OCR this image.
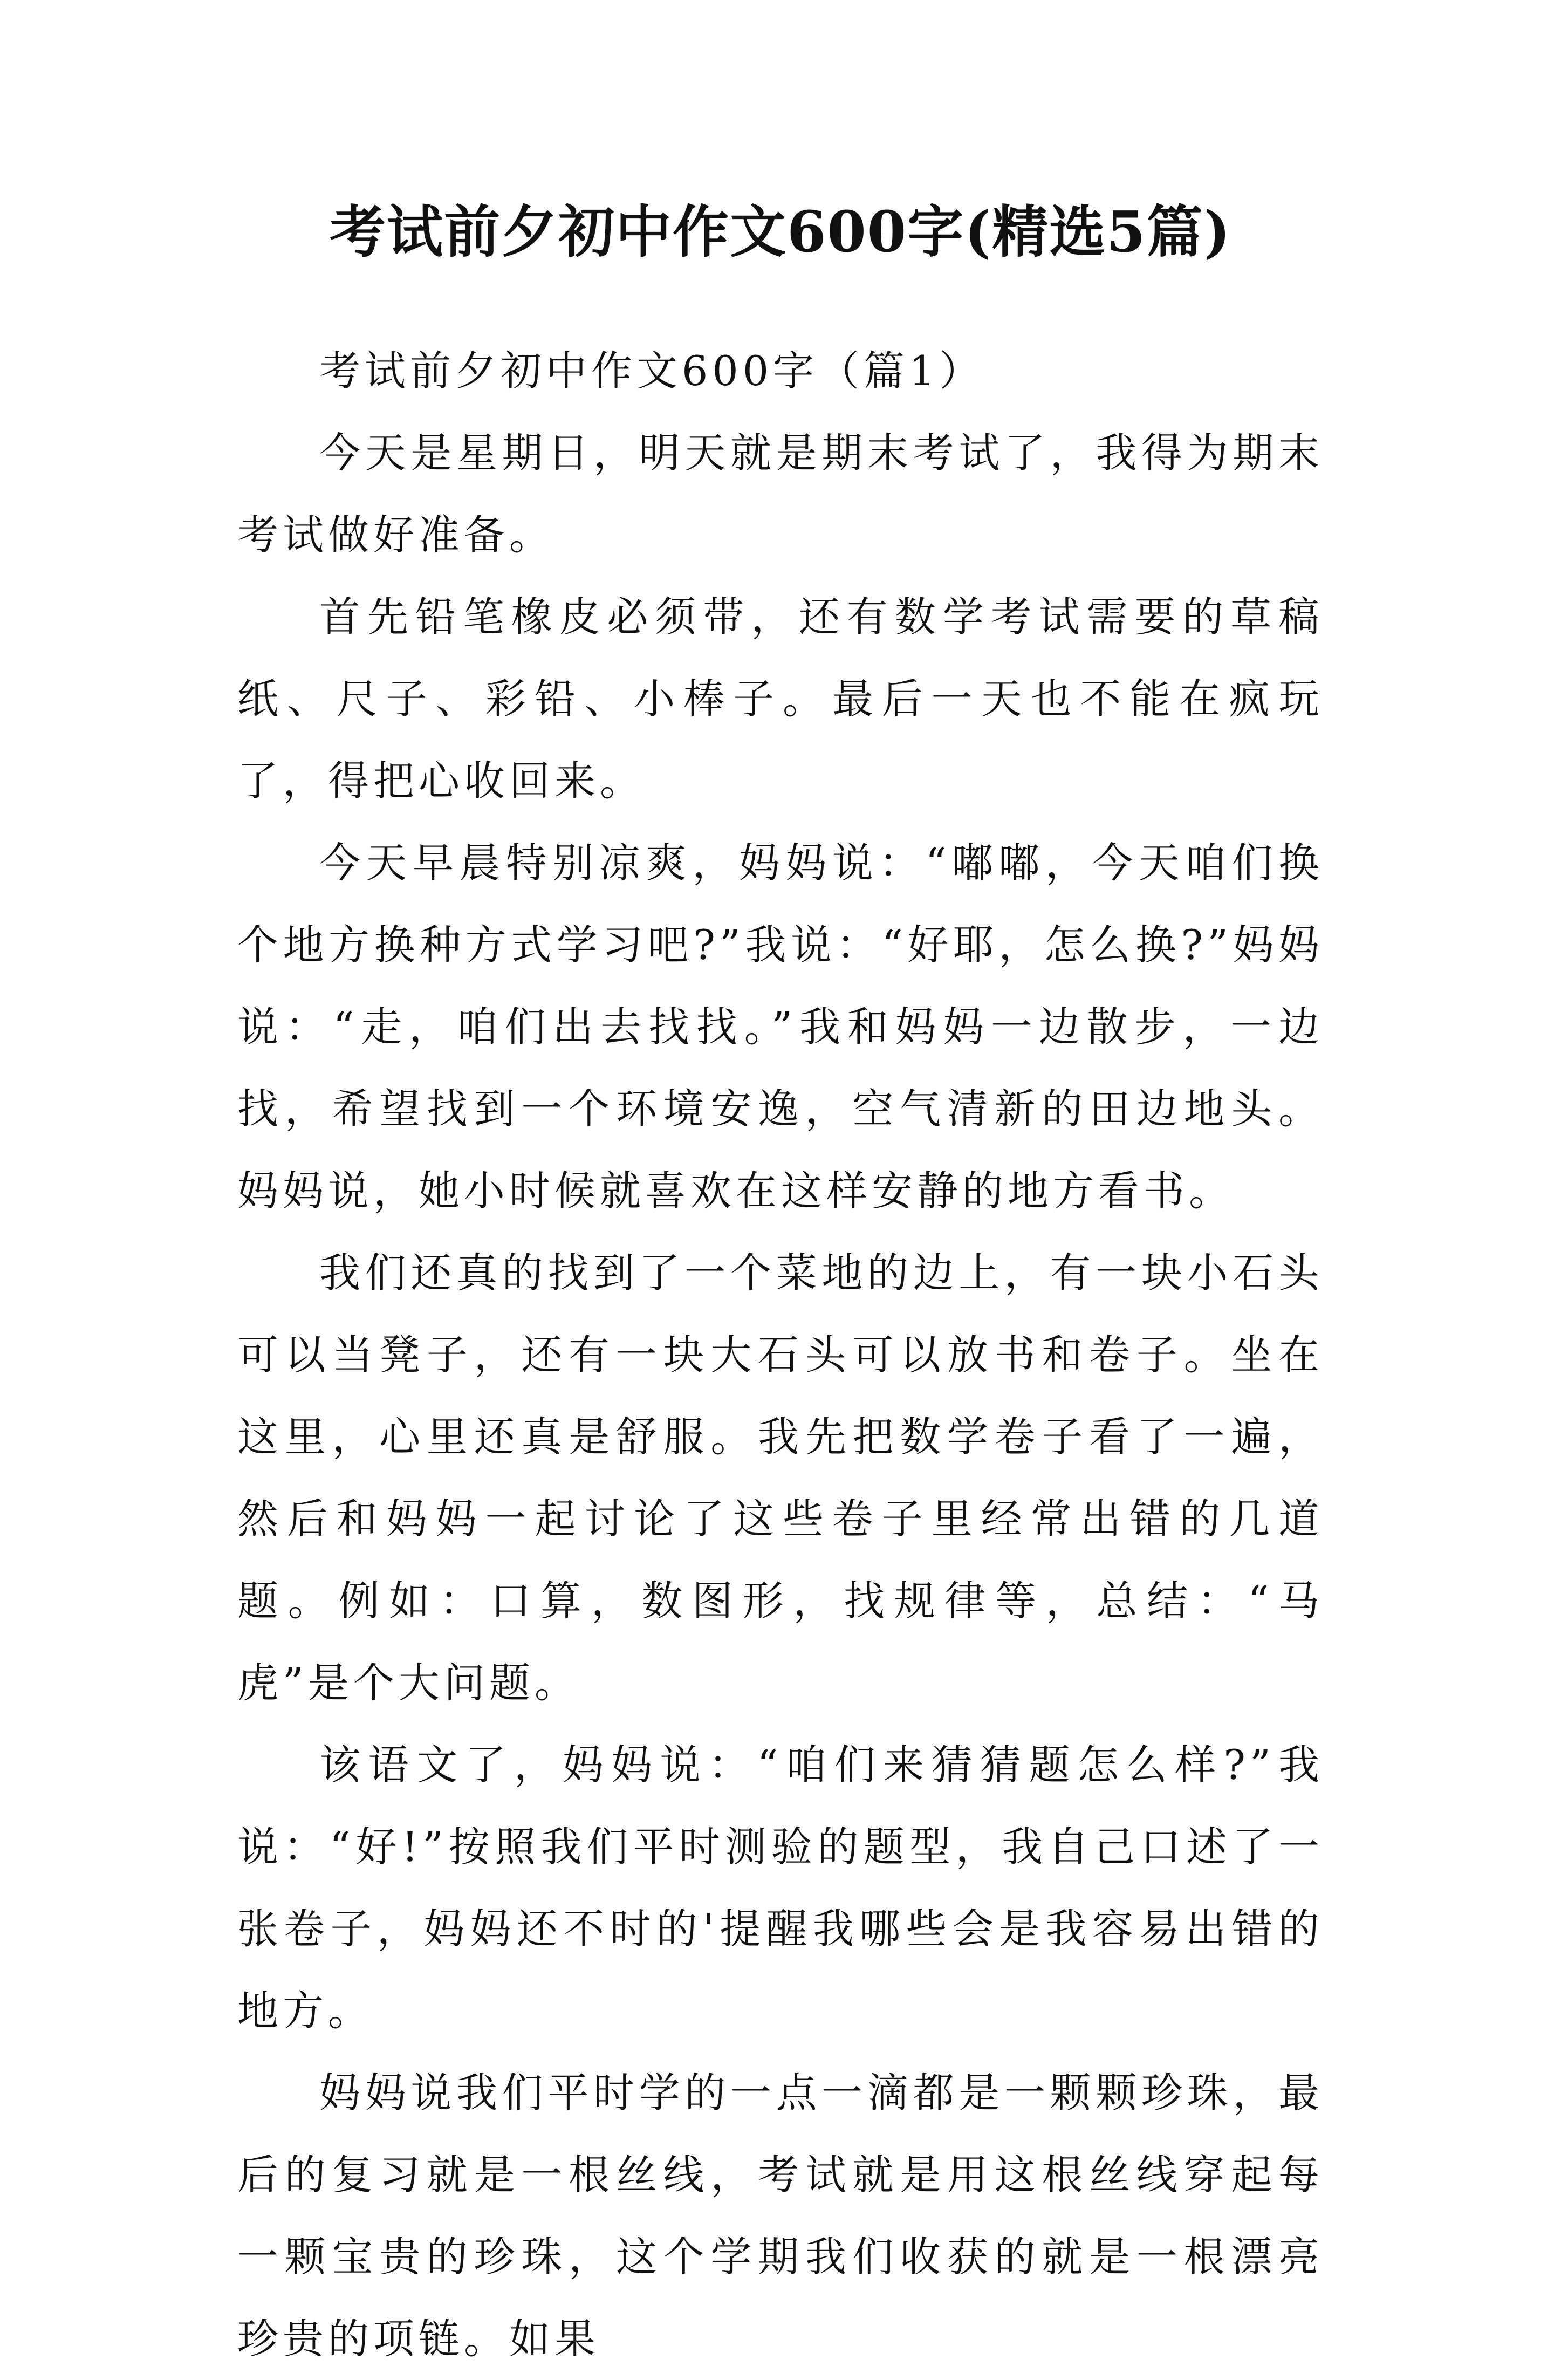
考试前夕初中作文600字(精选5篇)

考试前夕初中作文600字（篇1）

今天是星期日，明天就是期末考试了，我得为期末考试做好准备。

首先铅笔橡皮必须带，还有数学考试需要的草稿纸、尺子、彩铅、小棒子。最后一天也不能在疯玩了，得把心收回来。

今天早晨特别凉爽，妈妈说：“嘟嘟，今天咱们换个地方换种方式学习吧?”我说：“好耶，怎么换?”妈妈说：“走，咱们出去找找。”我和妈妈一边散步，一边找，希望找到一个环境安逸，空气清新的田边地头。妈妈说，她小时候就喜欢在这样安静的地方看书。

我们还真的找到了一个菜地的边上，有一块小石头可以当凳子，还有一块大石头可以放书和卷子。坐在这里，心里还真是舒服。我先把数学卷子看了一遍，然后和妈妈一起讨论了这些卷子里经常出错的几道题。例如：口算，数图形，找规律等，总结：“马虎”是个大问题。

该语文了，妈妈说：“咱们来猜猜题怎么样?”我说：“好!”按照我们平时测验的题型，我自己口述了一张卷子，妈妈还不时的'提醒我哪些会是我容易出错的地方。

妈妈说我们平时学的一点一滴都是一颗颗珍珠，最后的复习就是一根丝线，考试就是用这根丝线穿起每一颗宝贵的珍珠，这个学期我们收获的就是一根漂亮珍贵的项链。如果
